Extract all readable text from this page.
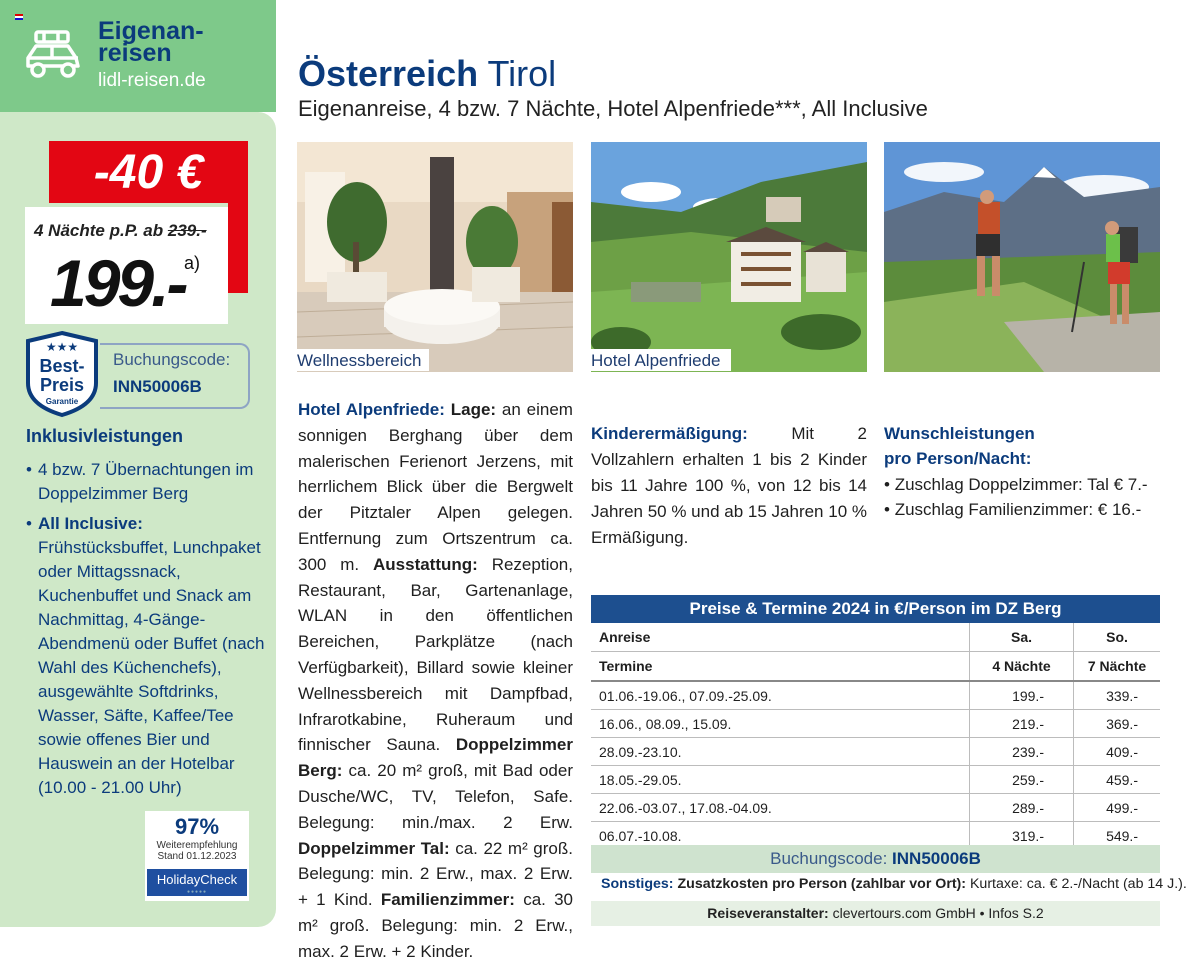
Eigenan-
reisen
lidl-reisen.de
-40 €
4 Nächte p.P. ab 239.-
199.-
a)
★★★
Best-
Preis
Garantie
Buchungscode:
INN50006B
Inklusivleistungen
• 4 bzw. 7 Übernachtungen im Doppelzimmer Berg
• All Inclusive: Frühstücksbuffet, Lunchpaket oder Mittagssnack, Kuchenbuffet und Snack am Nachmittag, 4-Gänge-Abendmenü oder Buffet (nach Wahl des Küchenchefs), ausgewählte Softdrinks, Wasser, Säfte, Kaffee/Tee sowie offenes Bier und Hauswein an der Hotelbar (10.00 - 21.00 Uhr)
97%
Weiterempfehlung
Stand 01.12.2023
HolidayCheck
●●●●●
Österreich Tirol
Eigenanreise, 4 bzw. 7 Nächte, Hotel Alpenfriede***, All Inclusive
Wellnessbereich	Hotel Alpenfriede
Hotel Alpenfriede: Lage: an einem sonnigen Berghang über dem malerischen Ferienort Jerzens, mit herrlichem Blick über die Bergwelt der Pitztaler Alpen gelegen. Entfernung zum Ortszentrum ca. 300 m. Ausstattung: Rezeption, Restaurant, Bar, Gartenanlage, WLAN in den öffentlichen Bereichen, Parkplätze (nach Verfügbarkeit), Billard sowie kleiner Wellnessbereich mit Dampfbad, Infrarotkabine, Ruheraum und finnischer Sauna. Doppelzimmer Berg: ca. 20 m² groß, mit Bad oder Dusche/WC, TV, Telefon, Safe. Belegung: min./max. 2 Erw. Doppelzimmer Tal: ca. 22 m² groß. Belegung: min. 2 Erw., max. 2 Erw. + 1 Kind. Familienzimmer: ca. 30 m² groß. Belegung: min. 2 Erw., max. 2 Erw. + 2 Kinder.
Kinderermäßigung:	Mit 2 Vollzahlern erhalten 1 bis 2 Kinder bis 11 Jahre 100 %, von 12 bis 14 Jahren 50 % und ab 15 Jahren 10 % Ermäßigung.
Wunschleistungen
pro Person/Nacht:
• Zuschlag Doppelzimmer: Tal € 7.-
• Zuschlag Familienzimmer: € 16.-
Preise & Termine 2024 in €/Person im DZ Berg
Anreise	Sa.	So.
Termine	4 Nächte	7 Nächte
01.06.-19.06., 07.09.-25.09.	199.-	339.-
16.06., 08.09., 15.09.	219.-	369.-
28.09.-23.10.	239.-	409.-
18.05.-29.05.	259.-	459.-
22.06.-03.07., 17.08.-04.09.	289.-	499.-
06.07.-10.08.	319.-	549.-
Buchungscode: INN50006B
Sonstiges: Zusatzkosten pro Person (zahlbar vor Ort): Kurtaxe: ca. € 2.-/Nacht (ab 14 J.).
Reiseveranstalter: clevertours.com GmbH • Infos S.2
